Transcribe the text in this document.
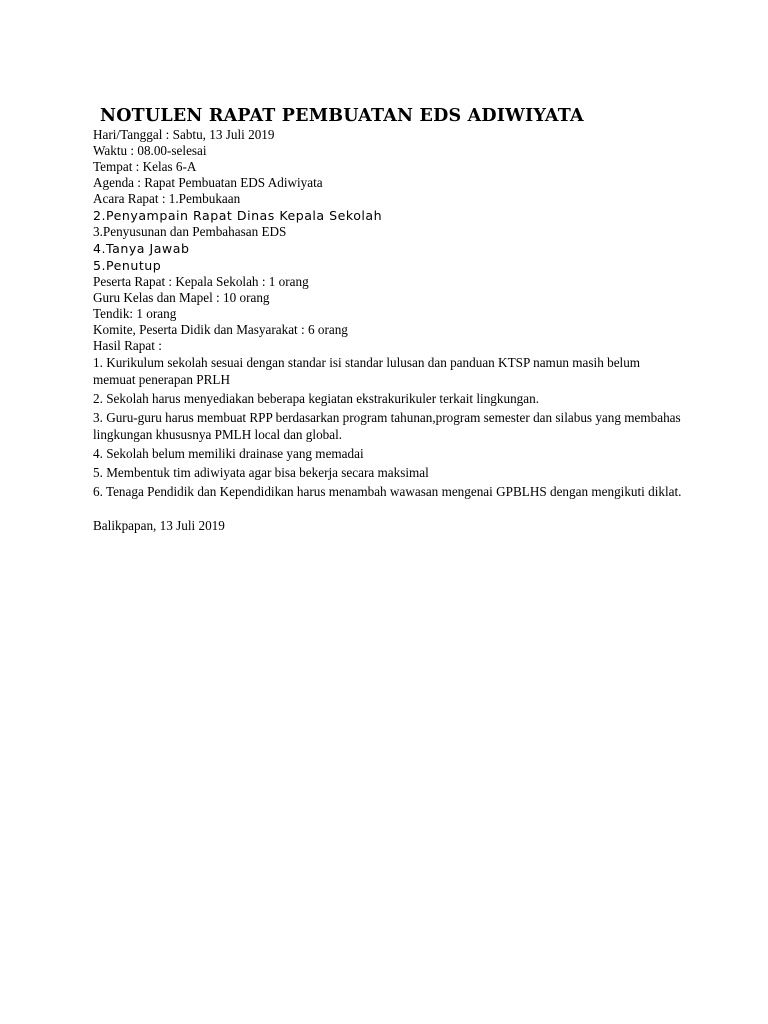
NOTULEN RAPAT PEMBUATAN EDS ADIWIYATA
Hari/Tanggal : Sabtu, 13 Juli 2019
Waktu : 08.00-selesai
Tempat : Kelas 6-A
Agenda : Rapat Pembuatan EDS Adiwiyata
Acara Rapat : 1.Pembukaan
2.Penyampain Rapat Dinas Kepala Sekolah
3.Penyusunan dan Pembahasan EDS
4.Tanya Jawab
5.Penutup
Peserta Rapat : Kepala Sekolah : 1 orang
Guru Kelas dan Mapel : 10 orang
Tendik: 1 orang
Komite, Peserta Didik dan Masyarakat : 6 orang
Hasil Rapat :
1. Kurikulum sekolah sesuai dengan standar isi standar lulusan dan panduan KTSP namun masih belum memuat penerapan PRLH
2. Sekolah harus menyediakan beberapa kegiatan ekstrakurikuler terkait lingkungan.
3. Guru-guru harus membuat RPP berdasarkan program tahunan,program semester dan silabus yang membahas lingkungan khususnya PMLH local dan global.
4. Sekolah belum memiliki drainase yang memadai
5. Membentuk tim adiwiyata agar bisa bekerja secara maksimal
6. Tenaga Pendidik dan Kependidikan harus menambah wawasan mengenai GPBLHS dengan mengikuti diklat.
Balikpapan, 13 Juli 2019
